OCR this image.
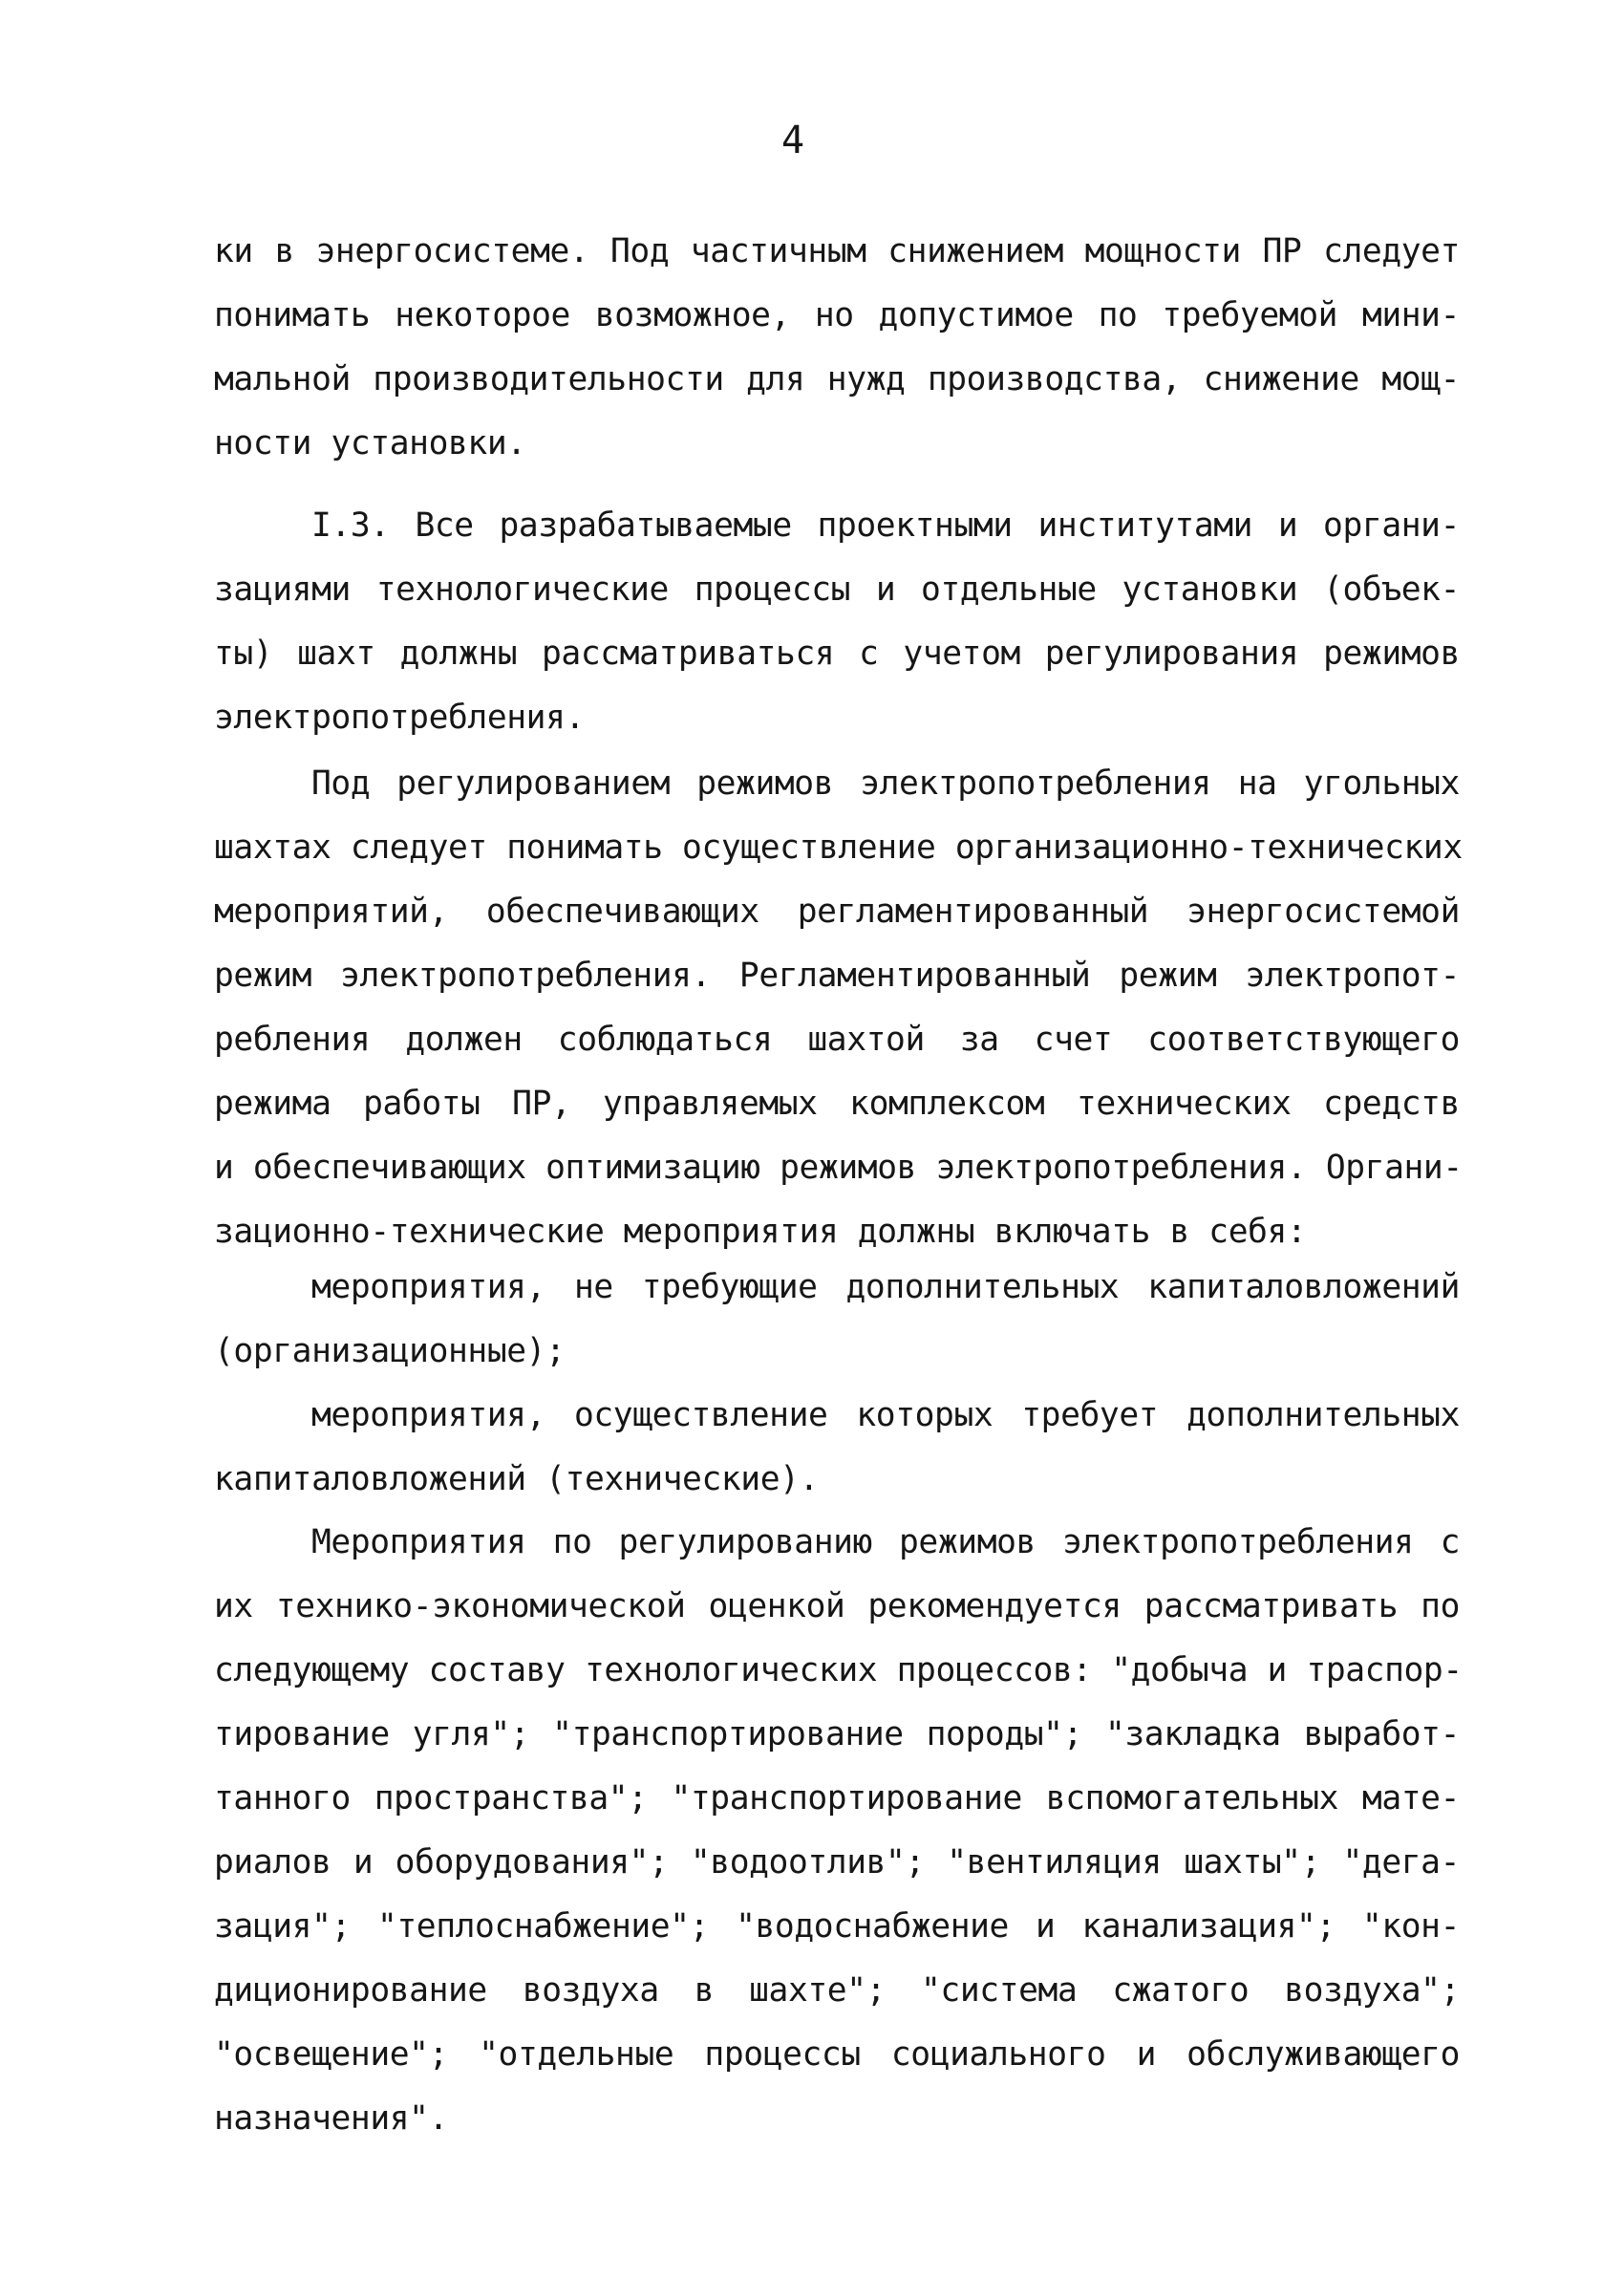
4
ки в энергосистеме. Под частичным снижением мощности ПР следует
понимать некоторое возможное, но допустимое по требуемой мини-
мальной производительности для нужд производства, снижение мощ-
ности установки.
I.3. Все разрабатываемые проектными институтами и органи-
зациями технологические процессы и отдельные установки (объек-
ты) шахт должны рассматриваться с учетом регулирования режимов
электропотребления.
Под регулированием режимов электропотребления на угольных
шахтах следует понимать осуществление организационно-технических
мероприятий, обеспечивающих регламентированный энергосистемой
режим электропотребления. Регламентированный режим электропот-
ребления должен соблюдаться шахтой за счет соответствующего
режима работы ПР, управляемых комплексом технических средств
и обеспечивающих оптимизацию режимов электропотребления. Органи-
зационно-технические мероприятия должны включать в себя:
мероприятия, не требующие дополнительных капиталовложений
(организационные);
мероприятия, осуществление которых требует дополнительных
капиталовложений (технические).
Мероприятия по регулированию режимов электропотребления с
их технико-экономической оценкой рекомендуется рассматривать по
следующему составу технологических процессов: "добыча и траспор-
тирование угля"; "транспортирование породы"; "закладка выработ-
танного пространства"; "транспортирование вспомогательных мате-
риалов и оборудования"; "водоотлив"; "вентиляция шахты"; "дега-
зация"; "теплоснабжение"; "водоснабжение и канализация"; "кон-
диционирование воздуха в шахте"; "система сжатого воздуха";
"освещение"; "отдельные процессы социального и обслуживающего
назначения".
